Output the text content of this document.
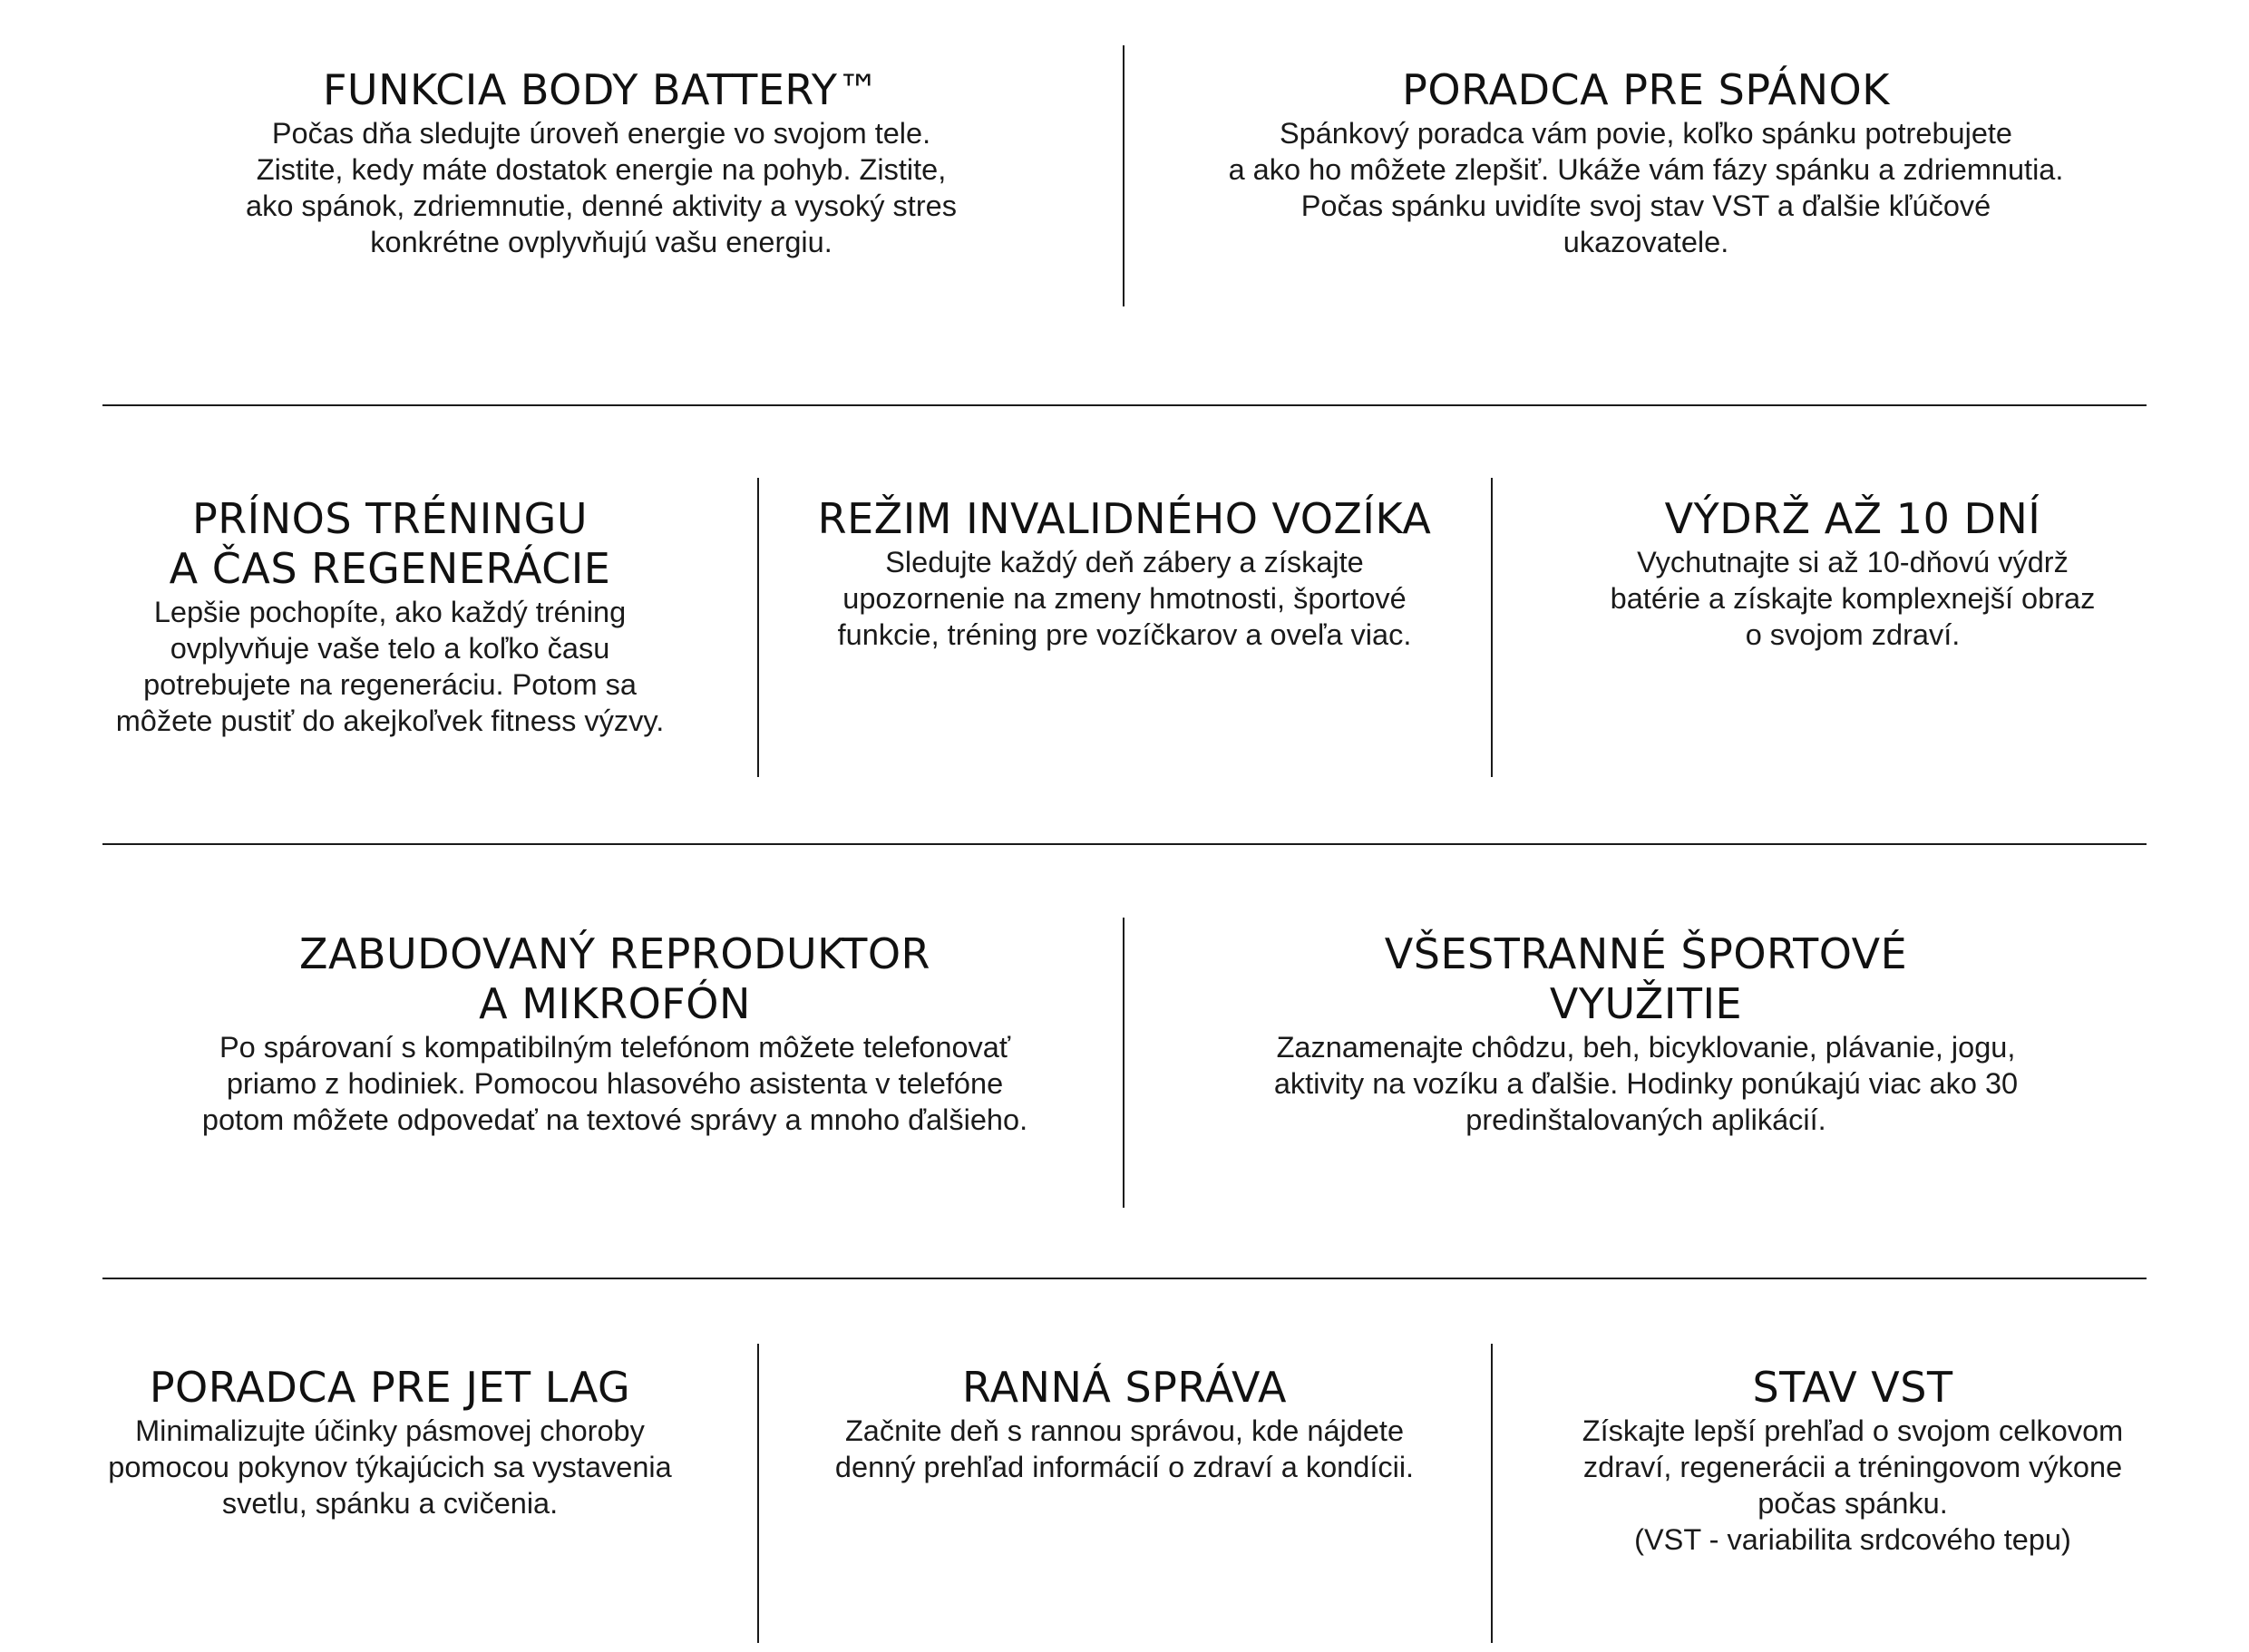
FUNKCIA BODY BATTERY™

Počas dňa sledujte úroveň energie vo svojom tele.
Zistite, kedy máte dostatok energie na pohyb. Zistite,
ako spánok, zdriemnutie, denné aktivity a vysoký stres
konkrétne ovplyvňujú vašu energiu.

PORADCA PRE SPÁNOK

Spánkový poradca vám povie, koľko spánku potrebujete
a ako ho môžete zlepšiť. Ukáže vám fázy spánku a zdriemnutia.
Počas spánku uvidíte svoj stav VST a ďalšie kľúčové
ukazovatele.

PRÍNOS TRÉNINGU
A ČAS REGENERÁCIE

Lepšie pochopíte, ako každý tréning
ovplyvňuje vaše telo a koľko času
potrebujete na regeneráciu. Potom sa
môžete pustiť do akejkoľvek fitness výzvy.

REŽIM INVALIDNÉHO VOZÍKA

Sledujte každý deň zábery a získajte
upozornenie na zmeny hmotnosti, športové
funkcie, tréning pre vozíčkarov a oveľa viac.

VÝDRŽ AŽ 10 DNÍ

Vychutnajte si až 10-dňovú výdrž
batérie a získajte komplexnejší obraz
o svojom zdraví.

ZABUDOVANÝ REPRODUKTOR
A MIKROFÓN

Po spárovaní s kompatibilným telefónom môžete telefonovať
priamo z hodiniek. Pomocou hlasového asistenta v telefóne
potom môžete odpovedať na textové správy a mnoho ďalšieho.

VŠESTRANNÉ ŠPORTOVÉ
VYUŽITIE

Zaznamenajte chôdzu, beh, bicyklovanie, plávanie, jogu,
aktivity na vozíku a ďalšie. Hodinky ponúkajú viac ako 30
predinštalovaných aplikácií.

PORADCA PRE JET LAG

Minimalizujte účinky pásmovej choroby
pomocou pokynov týkajúcich sa vystavenia
svetlu, spánku a cvičenia.

RANNÁ SPRÁVA

Začnite deň s rannou správou, kde nájdete
denný prehľad informácií o zdraví a kondícii.

STAV VST

Získajte lepší prehľad o svojom celkovom
zdraví, regenerácii a tréningovom výkone
počas spánku.
(VST - variabilita srdcového tepu)
